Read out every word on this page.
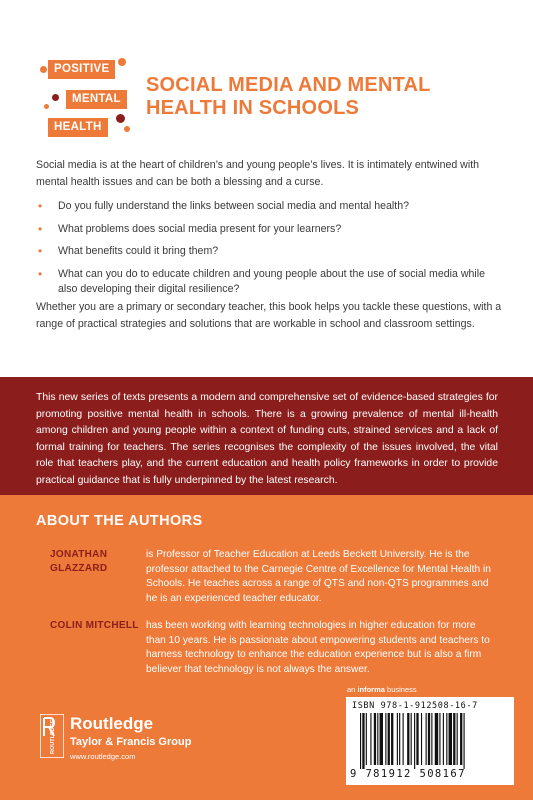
POSITIVE
MENTAL
HEALTH
SOCIAL MEDIA AND MENTAL HEALTH IN SCHOOLS

Social media is at the heart of children’s and young people’s lives. It is intimately entwined with mental health issues and can be both a blessing and a curse.

• Do you fully understand the links between social media and mental health?
• What problems does social media present for your learners?
• What benefits could it bring them?
• What can you do to educate children and young people about the use of social media while also developing their digital resilience?

Whether you are a primary or secondary teacher, this book helps you tackle these questions, with a range of practical strategies and solutions that are workable in school and classroom settings.

This new series of texts presents a modern and comprehensive set of evidence-based strategies for promoting positive mental health in schools. There is a growing prevalence of mental ill-health among children and young people within a context of funding cuts, strained services and a lack of formal training for teachers. The series recognises the complexity of the issues involved, the vital role that teachers play, and the current education and health policy frameworks in order to provide practical guidance that is fully underpinned by the latest research.

ABOUT THE AUTHORS
JONATHAN GLAZZARD
is Professor of Teacher Education at Leeds Beckett University. He is the professor attached to the Carnegie Centre of Excellence for Mental Health in Schools. He teaches across a range of QTS and non-QTS programmes and he is an experienced teacher educator.
COLIN MITCHELL has been working with learning technologies in higher education for more than 10 years. He is passionate about empowering students and teachers to harness technology to enhance the education experience but is also a firm believer that technology is not always the answer.
ROUTLEDGE Routledge
Taylor & Francis Group
www.routledge.com
an informa business
ISBN 978-1-912508-16-7
9 781912 508167
